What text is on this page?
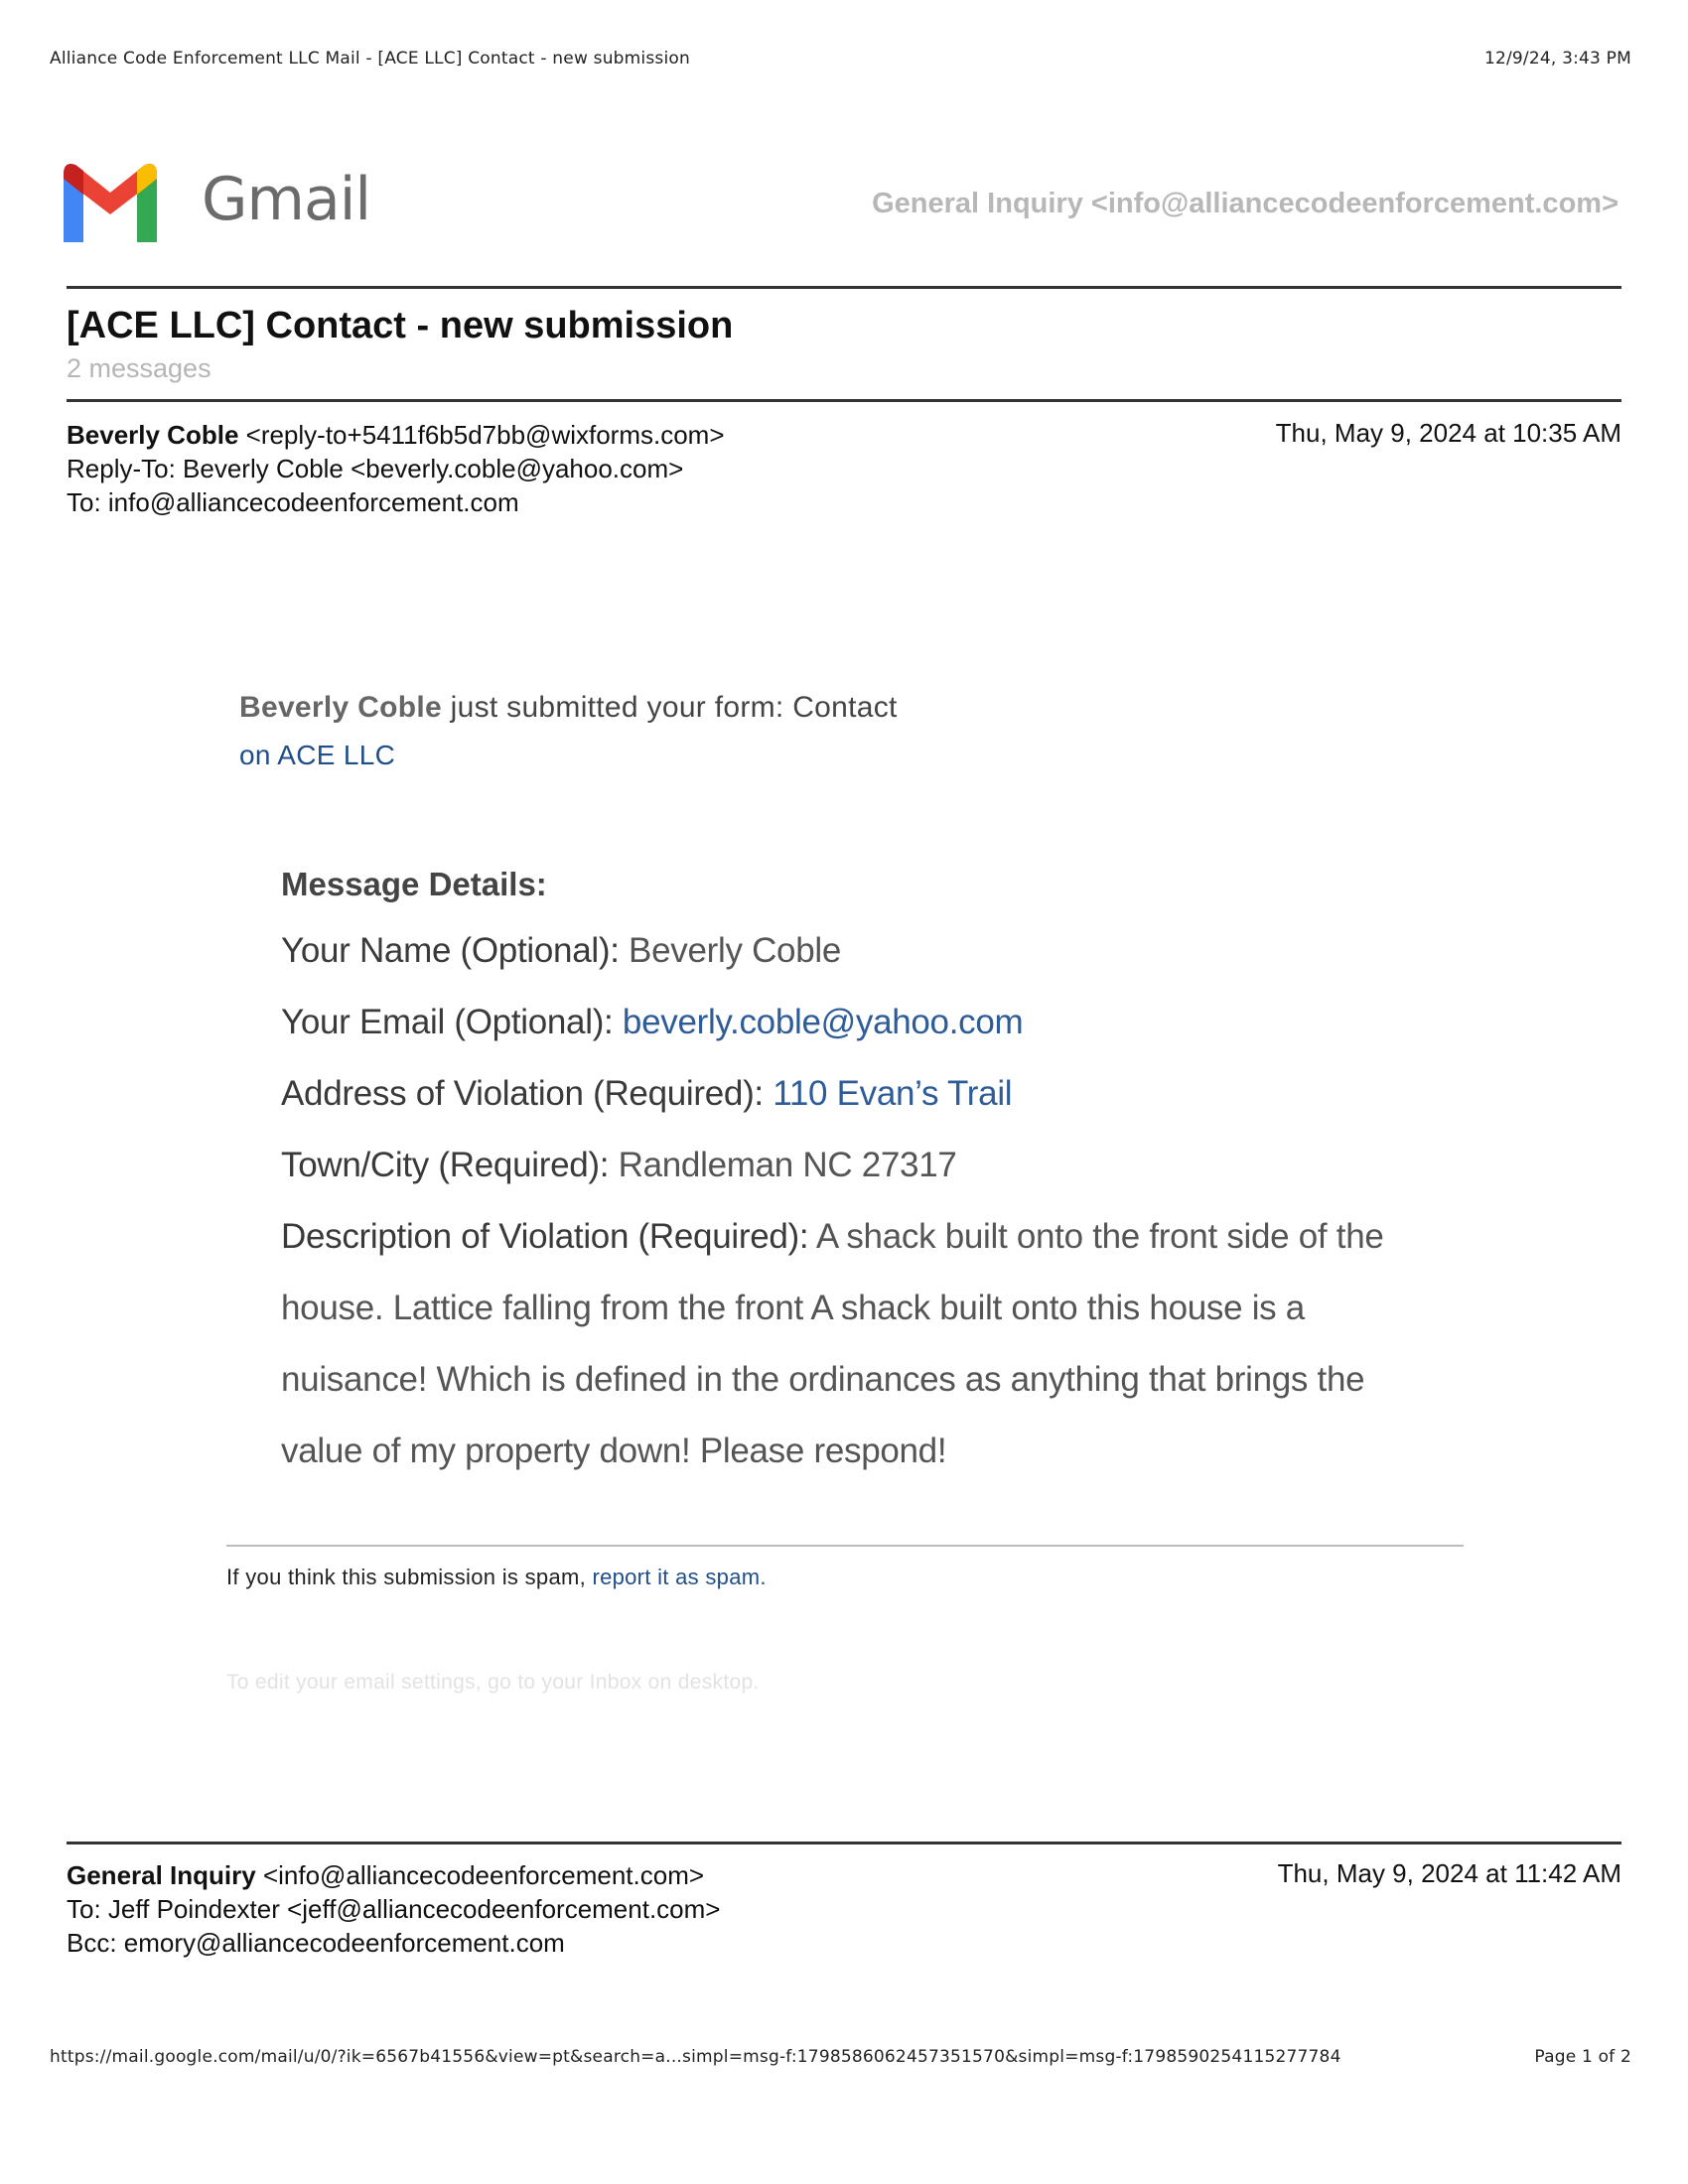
Alliance Code Enforcement LLC Mail - [ACE LLC] Contact - new submission	12/9/24, 3:43 PM
Gmail	General Inquiry <info@alliancecodeenforcement.com>
[ACE LLC] Contact - new submission
2 messages
Beverly Coble <reply-to+5411f6b5d7bb@wixforms.com>
Reply-To: Beverly Coble <beverly.coble@yahoo.com>
To: info@alliancecodeenforcement.com
Thu, May 9, 2024 at 10:35 AM
Beverly Coble just submitted your form: Contact
on ACE LLC
Message Details:
Your Name (Optional): Beverly Coble
Your Email (Optional): beverly.coble@yahoo.com
Address of Violation (Required): 110 Evan’s Trail
Town/City (Required): Randleman NC 27317
Description of Violation (Required): A shack built onto the front side of the house. Lattice falling from the front A shack built onto this house is a nuisance! Which is defined in the ordinances as anything that brings the value of my property down! Please respond!
If you think this submission is spam, report it as spam.
To edit your email settings, go to your Inbox on desktop.
General Inquiry <info@alliancecodeenforcement.com>
To: Jeff Poindexter <jeff@alliancecodeenforcement.com>
Bcc: emory@alliancecodeenforcement.com
Thu, May 9, 2024 at 11:42 AM
https://mail.google.com/mail/u/0/?ik=6567b41556&view=pt&search=a...simpl=msg-f:1798586062457351570&simpl=msg-f:1798590254115277784	Page 1 of 2
